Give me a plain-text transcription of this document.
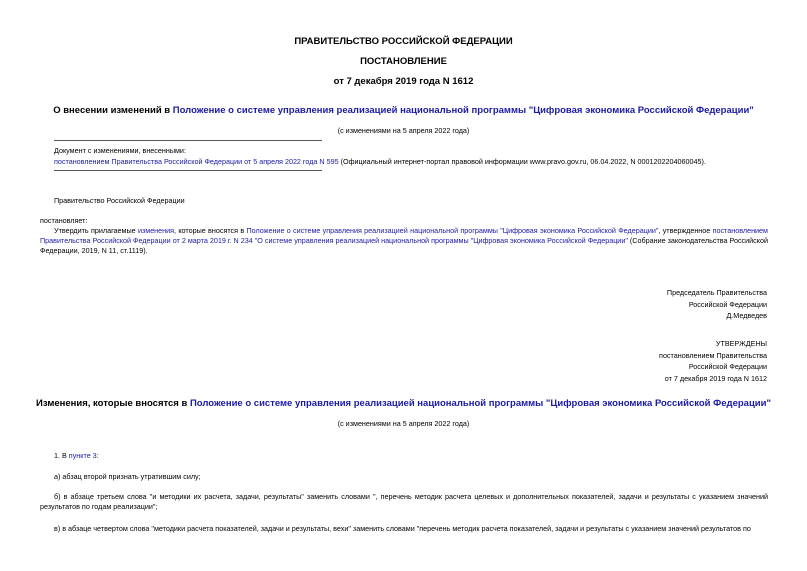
ПРАВИТЕЛЬСТВО РОССИЙСКОЙ ФЕДЕРАЦИИ
ПОСТАНОВЛЕНИЕ
от 7 декабря 2019 года N 1612
О внесении изменений в Положение о системе управления реализацией национальной программы "Цифровая экономика Российской Федерации"
(с изменениями на 5 апреля 2022 года)
Документ с изменениями, внесенными:
постановлением Правительства Российской Федерации от 5 апреля 2022 года N 595 (Официальный интернет-портал правовой информации www.pravo.gov.ru, 06.04.2022, N 0001202204060045).
Правительство Российской Федерации
постановляет:
Утвердить прилагаемые изменения, которые вносятся в Положение о системе управления реализацией национальной программы "Цифровая экономика Российской Федерации", утвержденное постановлением Правительства Российской Федерации от 2 марта 2019 г. N 234 "О системе управления реализацией национальной программы "Цифровая экономика Российской Федерации" (Собрание законодательства Российской Федерации, 2019, N 11, ст.1119).
Председатель Правительства
Российской Федерации
Д.Медведев
УТВЕРЖДЕНЫ
постановлением Правительства
Российской Федерации
от 7 декабря 2019 года N 1612
Изменения, которые вносятся в Положение о системе управления реализацией национальной программы "Цифровая экономика Российской Федерации"
(с изменениями на 5 апреля 2022 года)
1. В пункте 3:
а) абзац второй признать утратившим силу;
б) в абзаце третьем слова "и методики их расчета, задачи, результаты" заменить словами ", перечень методик расчета целевых и дополнительных показателей, задачи и результаты с указанием значений результатов по годам реализации";
в) в абзаце четвертом слова "методики расчета показателей, задачи и результаты, вехи" заменить словами "перечень методик расчета показателей, задачи и результаты с указанием значений результатов по
